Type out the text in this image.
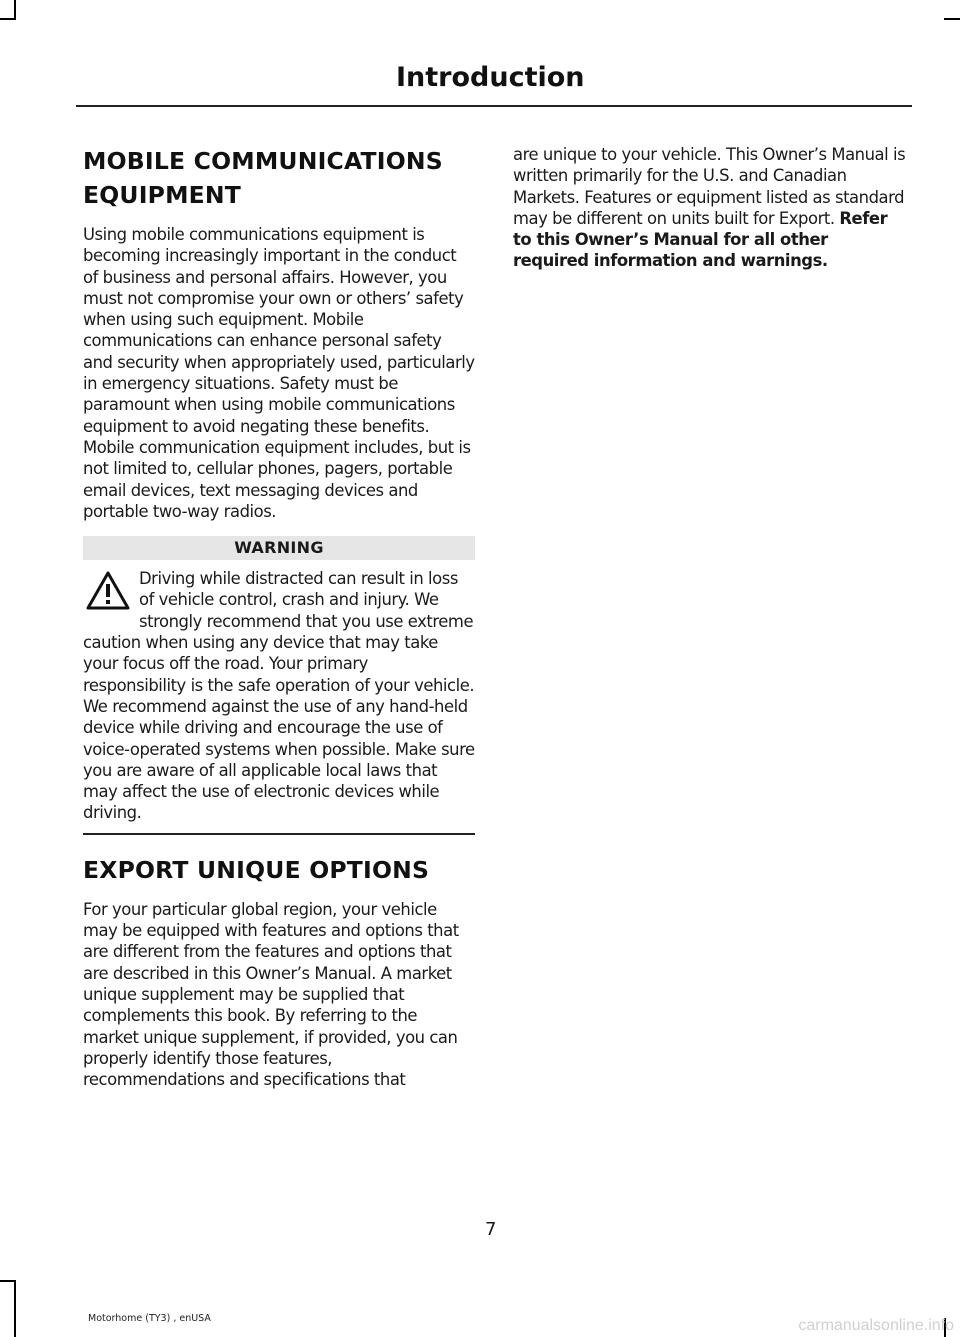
Introduction
MOBILE COMMUNICATIONS
EQUIPMENT

Using mobile communications equipment is becoming increasingly important in the conduct of business and personal affairs. However, you must not compromise your own or others’ safety when using such equipment. Mobile communications can enhance personal safety and security when appropriately used, particularly in emergency situations. Safety must be paramount when using mobile communications equipment to avoid negating these benefits. Mobile communication equipment includes, but is not limited to, cellular phones, pagers, portable email devices, text messaging devices and portable two-way radios.

WARNING

Driving while distracted can result in loss of vehicle control, crash and injury. We strongly recommend that you use extreme caution when using any device that may take your focus off the road. Your primary responsibility is the safe operation of your vehicle. We recommend against the use of any hand-held device while driving and encourage the use of voice-operated systems when possible. Make sure you are aware of all applicable local laws that may affect the use of electronic devices while driving.

EXPORT UNIQUE OPTIONS

For your particular global region, your vehicle may be equipped with features and options that are different from the features and options that are described in this Owner’s Manual. A market unique supplement may be supplied that complements this book. By referring to the market unique supplement, if provided, you can properly identify those features, recommendations and specifications that

are unique to your vehicle. This Owner’s Manual is written primarily for the U.S. and Canadian Markets. Features or equipment listed as standard may be different on units built for Export. Refer to this Owner’s Manual for all other required information and warnings.

7
Motorhome (TY3) , enUSA	carmanualsonline.info
